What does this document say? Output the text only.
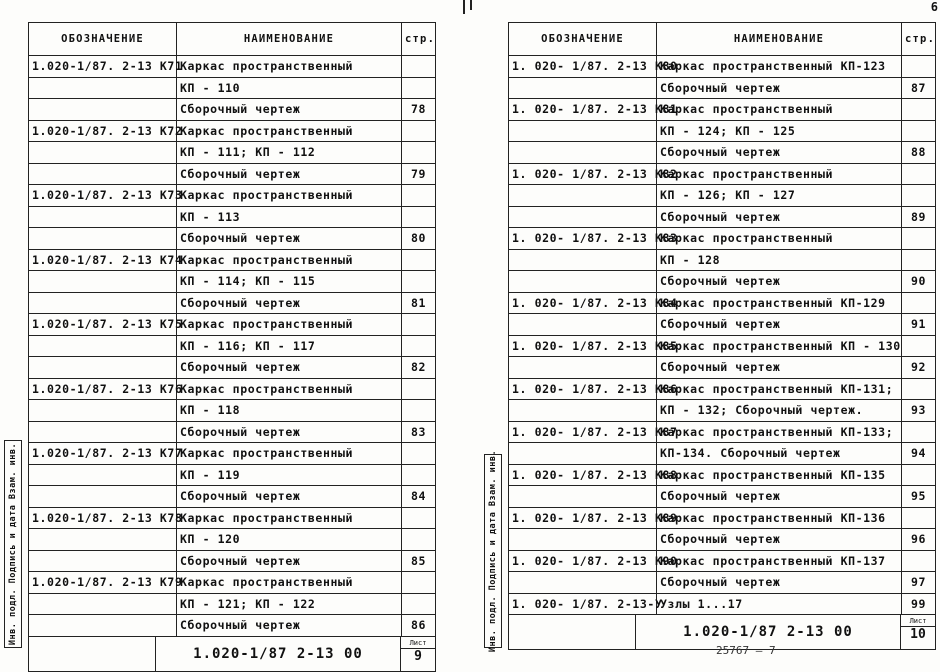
6
Инв. подл. Подпись и дата Взам. инв.
ОБОЗНАЧЕНИЕ	НАИМЕНОВАНИЕ	стр.
1.020-1/87. 2-13 К71	Каркас пространственный	
	КП - 110	
	Сборочный чертеж	78
1.020-1/87. 2-13 К72	Каркас пространственный	
	КП - 111; КП - 112	
	Сборочный чертеж	79
1.020-1/87. 2-13 К73	Каркас пространственный	
	КП - 113	
	Сборочный чертеж	80
1.020-1/87. 2-13 К74	Каркас пространственный	
	КП - 114; КП - 115	
	Сборочный чертеж	81
1.020-1/87. 2-13 К75	Каркас пространственный	
	КП - 116; КП - 117	
	Сборочный чертеж	82
1.020-1/87. 2-13 К76	Каркас пространственный	
	КП - 118	
	Сборочный чертеж	83
1.020-1/87. 2-13 К77	Каркас пространственный	
	КП - 119	
	Сборочный чертеж	84
1.020-1/87. 2-13 К78	Каркас пространственный	
	КП - 120	
	Сборочный чертеж	85
1.020-1/87. 2-13 К79	Каркас пространственный	
	КП - 121; КП - 122	
	Сборочный чертеж	86
1.020-1/87 2-13 00
Лист
9
Инв. подл. Подпись и дата Взам. инв.
ОБОЗНАЧЕНИЕ	НАИМЕНОВАНИЕ	стр.
1. 020- 1/87. 2-13 К80	Каркас пространственный КП-123	
	Сборочный чертеж	87
1. 020- 1/87. 2-13 К81	Каркас пространственный	
	КП - 124; КП - 125	
	Сборочный чертеж	88
1. 020- 1/87. 2-13 К82	Каркас пространственный	
	КП - 126; КП - 127	
	Сборочный чертеж	89
1. 020- 1/87. 2-13 К83	Каркас пространственный	
	КП - 128	
	Сборочный чертеж	90
1. 020- 1/87. 2-13 К84	Каркас пространственный КП-129	
	Сборочный чертеж	91
1. 020- 1/87. 2-13 К85	Каркас пространственный КП - 130	
	Сборочный чертеж	92
1. 020- 1/87. 2-13 К86	Каркас пространственный КП-131;	
	КП - 132; Сборочный чертеж.	93
1. 020- 1/87. 2-13 К87	Каркас пространственный КП-133;	
	КП-134. Сборочный чертеж	94
1. 020- 1/87. 2-13 К88	Каркас пространственный КП-135	
	Сборочный чертеж	95
1. 020- 1/87. 2-13 К89	Каркас пространственный КП-136	
	Сборочный чертеж	96
1. 020- 1/87. 2-13 К90	Каркас пространственный КП-137	
	Сборочный чертеж	97
1. 020- 1/87. 2-13-У	Узлы 1...17	99
1.020-1/87 2-13 00
Лист
10
25767 — 7
